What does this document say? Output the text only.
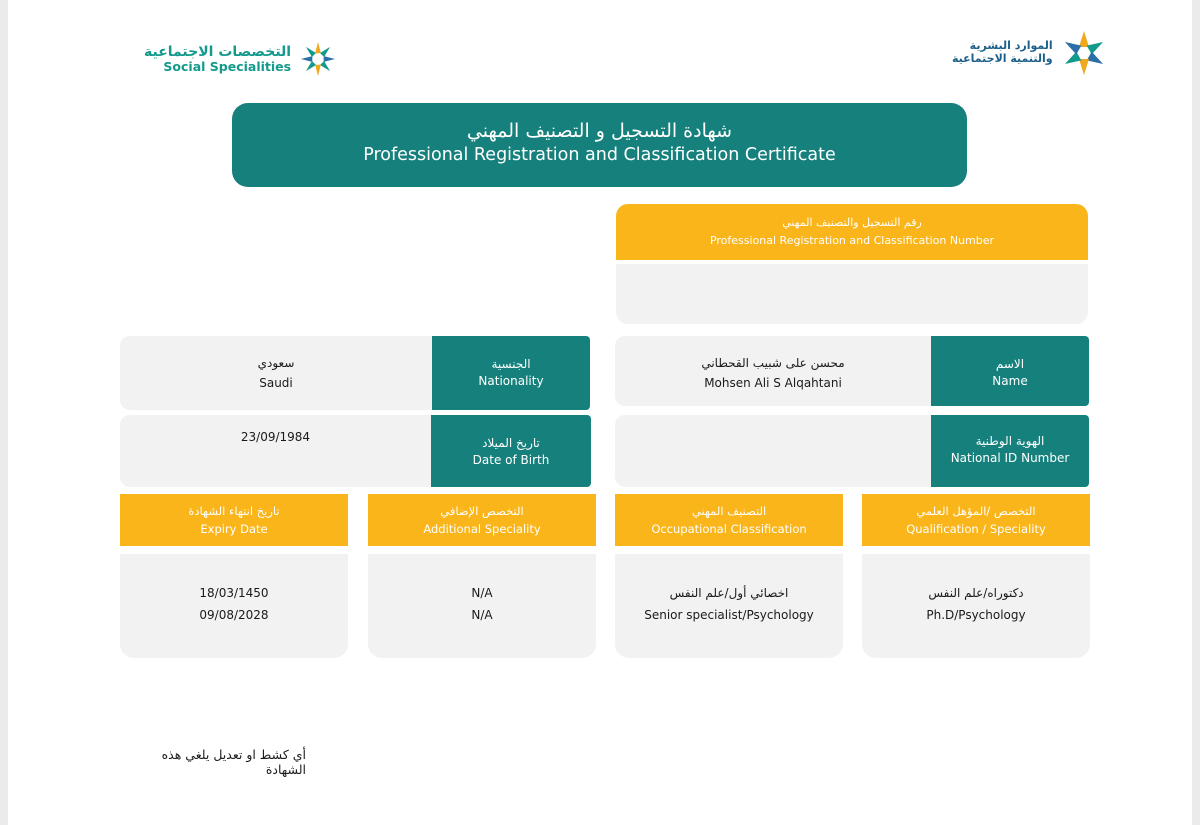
التخصصات الاجتماعية
Social Specialities
الموارد البشرية
والتنمية الاجتماعية
شهادة التسجيل و التصنيف المهني
Professional Registration and Classification Certificate
رقم التسجيل والتصنيف المهني
Professional Registration and Classification Number
سعودي
Saudi
الجنسية
Nationality
محسن على شبيب القحطاني
Mohsen Ali S Alqahtani
الاسم
Name
23/09/1984	تاريخ الميلاد
Date of Birth
الهوية الوطنية
National ID Number
تاريخ انتهاء الشهادة
Expiry Date
18/03/1450
09/08/2028
التخصص الإضافي
Additional Speciality
N/A
N/A
التصنيف المهني
Occupational Classification
اخصائي أول/علم النفس
Senior specialist/Psychology
التخصص /المؤهل العلمي
Qualification / Speciality
دكتوراه/علم النفس
Ph.D/Psychology
أي كشط او تعديل يلغي هذه الشهادة
